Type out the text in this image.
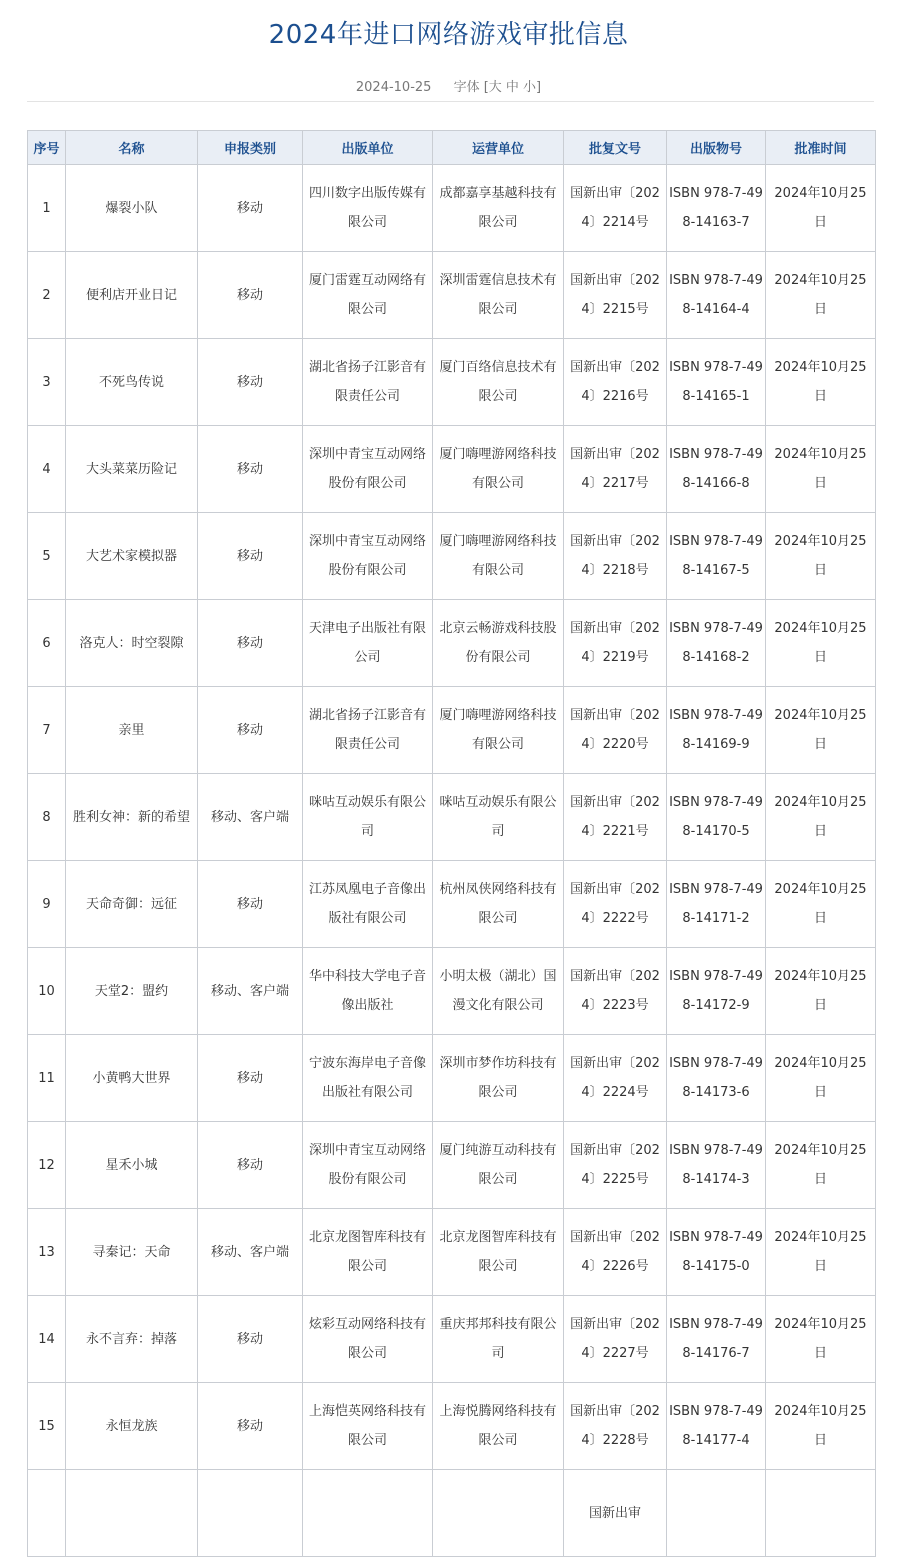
2024年进口网络游戏审批信息
2024-10-25 字体 [大 中 小]
序号	名称	申报类别	出版单位	运营单位	批复文号	出版物号	批准时间
1	爆裂小队	移动	四川数字出版传媒有限公司	成都嘉享基越科技有限公司	国新出审〔2024〕2214号	ISBN 978-7-498-14163-7	2024年10月25日
2	便利店开业日记	移动	厦门雷霆互动网络有限公司	深圳雷霆信息技术有限公司	国新出审〔2024〕2215号	ISBN 978-7-498-14164-4	2024年10月25日
3	不死鸟传说	移动	湖北省扬子江影音有限责任公司	厦门百络信息技术有限公司	国新出审〔2024〕2216号	ISBN 978-7-498-14165-1	2024年10月25日
4	大头菜菜历险记	移动	深圳中青宝互动网络股份有限公司	厦门嗨哩游网络科技有限公司	国新出审〔2024〕2217号	ISBN 978-7-498-14166-8	2024年10月25日
5	大艺术家模拟器	移动	深圳中青宝互动网络股份有限公司	厦门嗨哩游网络科技有限公司	国新出审〔2024〕2218号	ISBN 978-7-498-14167-5	2024年10月25日
6	洛克人：时空裂隙	移动	天津电子出版社有限公司	北京云畅游戏科技股份有限公司	国新出审〔2024〕2219号	ISBN 978-7-498-14168-2	2024年10月25日
7	亲里	移动	湖北省扬子江影音有限责任公司	厦门嗨哩游网络科技有限公司	国新出审〔2024〕2220号	ISBN 978-7-498-14169-9	2024年10月25日
8	胜利女神：新的希望	移动、客户端	咪咕互动娱乐有限公司	咪咕互动娱乐有限公司	国新出审〔2024〕2221号	ISBN 978-7-498-14170-5	2024年10月25日
9	天命奇御：远征	移动	江苏凤凰电子音像出版社有限公司	杭州凤侠网络科技有限公司	国新出审〔2024〕2222号	ISBN 978-7-498-14171-2	2024年10月25日
10	天堂2：盟约	移动、客户端	华中科技大学电子音像出版社	小明太极（湖北）国漫文化有限公司	国新出审〔2024〕2223号	ISBN 978-7-498-14172-9	2024年10月25日
11	小黄鸭大世界	移动	宁波东海岸电子音像出版社有限公司	深圳市梦作坊科技有限公司	国新出审〔2024〕2224号	ISBN 978-7-498-14173-6	2024年10月25日
12	星禾小城	移动	深圳中青宝互动网络股份有限公司	厦门纯游互动科技有限公司	国新出审〔2024〕2225号	ISBN 978-7-498-14174-3	2024年10月25日
13	寻秦记：天命	移动、客户端	北京龙图智库科技有限公司	北京龙图智库科技有限公司	国新出审〔2024〕2226号	ISBN 978-7-498-14175-0	2024年10月25日
14	永不言弃：掉落	移动	炫彩互动网络科技有限公司	重庆邦邦科技有限公司	国新出审〔2024〕2227号	ISBN 978-7-498-14176-7	2024年10月25日
15	永恒龙族	移动	上海恺英网络科技有限公司	上海悦腾网络科技有限公司	国新出审〔2024〕2228号	ISBN 978-7-498-14177-4	2024年10月25日
					国新出审		
